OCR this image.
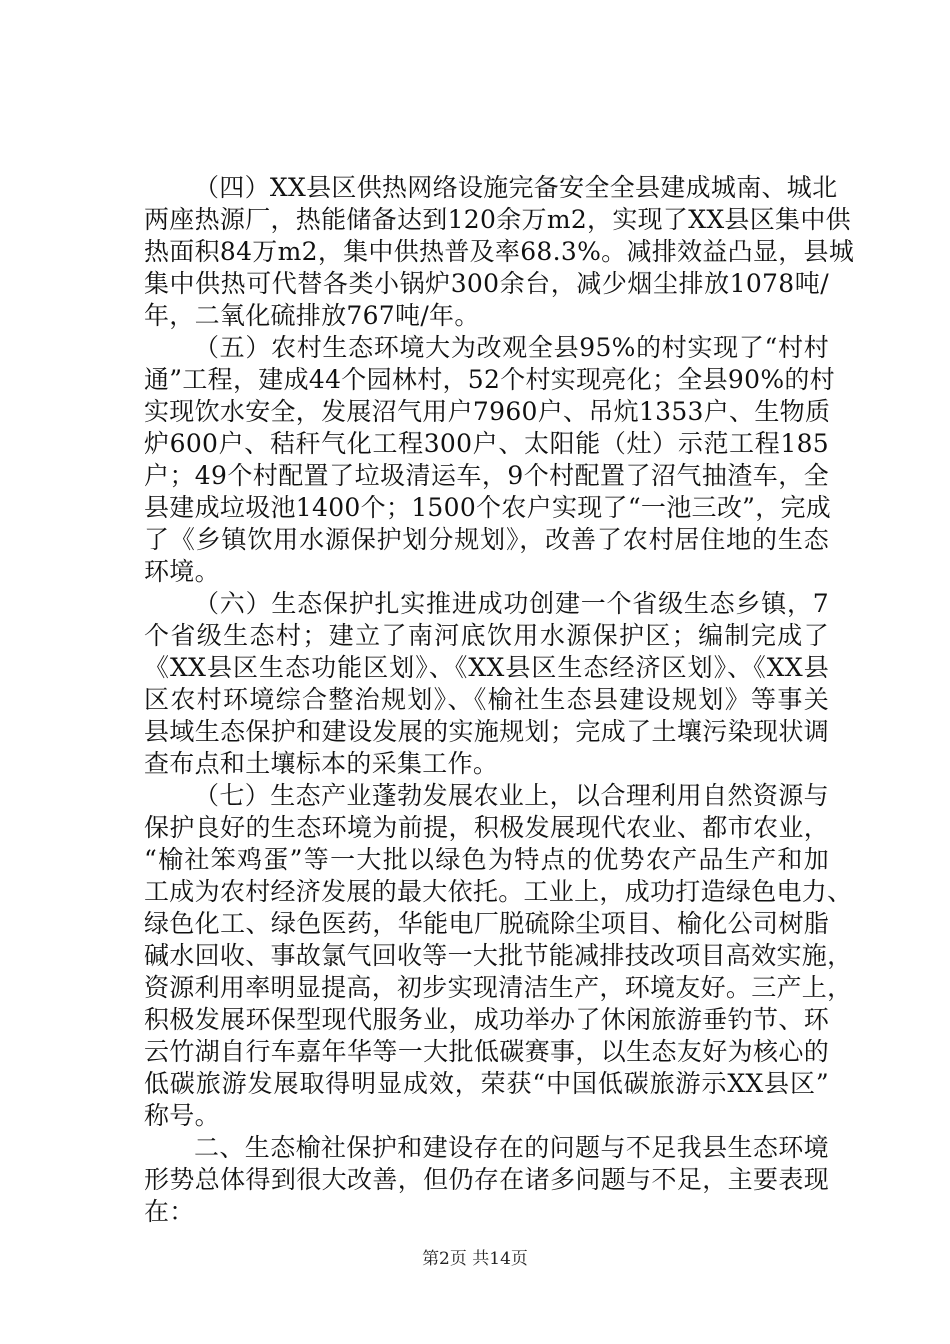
（四）XX县区供热网络设施完备安全全县建成城南、城北
两座热源厂，热能储备达到120余万m2，实现了XX县区集中供
热面积84万m2，集中供热普及率68.3%。减排效益凸显，县城
集中供热可代替各类小锅炉300余台，减少烟尘排放1078吨/
年，二氧化硫排放767吨/年。
（五）农村生态环境大为改观全县95%的村实现了“村村
通”工程，建成44个园林村，52个村实现亮化；全县90%的村
实现饮水安全，发展沼气用户7960户、吊炕1353户、生物质
炉600户、秸秆气化工程300户、太阳能（灶）示范工程185
户；49个村配置了垃圾清运车，9个村配置了沼气抽渣车，全
县建成垃圾池1400个；1500个农户实现了“一池三改”，完成
了《乡镇饮用水源保护划分规划》，改善了农村居住地的生态
环境。
（六）生态保护扎实推进成功创建一个省级生态乡镇，7
个省级生态村；建立了南河底饮用水源保护区；编制完成了
《XX县区生态功能区划》、《XX县区生态经济区划》、《XX县
区农村环境综合整治规划》、《榆社生态县建设规划》等事关
县域生态保护和建设发展的实施规划；完成了土壤污染现状调
查布点和土壤标本的采集工作。
（七）生态产业蓬勃发展农业上，以合理利用自然资源与
保护良好的生态环境为前提，积极发展现代农业、都市农业，
“榆社笨鸡蛋”等一大批以绿色为特点的优势农产品生产和加
工成为农村经济发展的最大依托。工业上，成功打造绿色电力、
绿色化工、绿色医药，华能电厂脱硫除尘项目、榆化公司树脂
碱水回收、事故氯气回收等一大批节能减排技改项目高效实施，
资源利用率明显提高，初步实现清洁生产，环境友好。三产上，
积极发展环保型现代服务业，成功举办了休闲旅游垂钓节、环
云竹湖自行车嘉年华等一大批低碳赛事，以生态友好为核心的
低碳旅游发展取得明显成效，荣获“中国低碳旅游示XX县区”
称号。
二、生态榆社保护和建设存在的问题与不足我县生态环境
形势总体得到很大改善，但仍存在诸多问题与不足，主要表现
在：
第2页 共14页
